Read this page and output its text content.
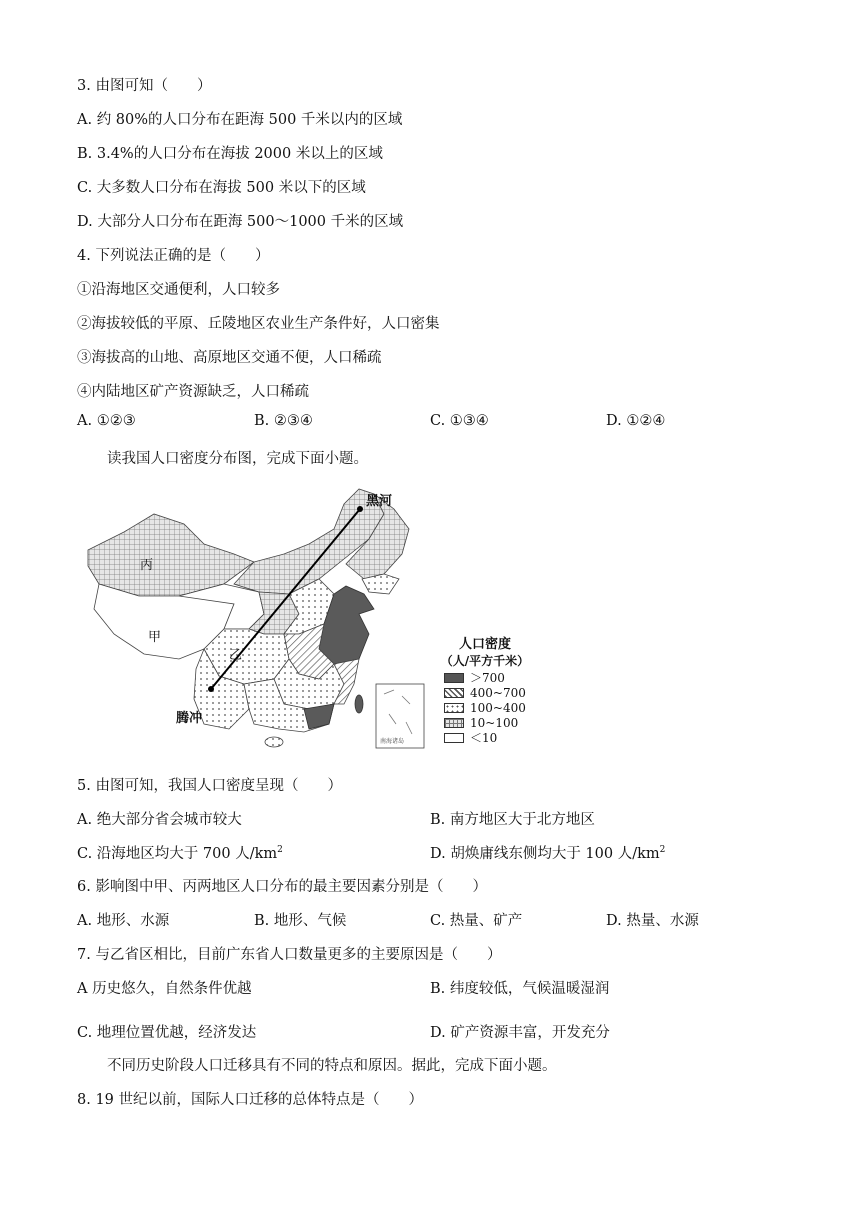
3. 由图可知（　　）
A. 约 80%的人口分布在距海 500 千米以内的区域
B. 3.4%的人口分布在海拔 2000 米以上的区域
C. 大多数人口分布在海拔 500 米以下的区域
D. 大部分人口分布在距海 500～1000 千米的区域
4. 下列说法正确的是（　　）
①沿海地区交通便利，人口较多
②海拔较低的平原、丘陵地区农业生产条件好，人口密集
③海拔高的山地、高原地区交通不便，人口稀疏
④内陆地区矿产资源缺乏，人口稀疏
A. ①②③	B. ②③④	C. ①③④	D. ①②④
读我国人口密度分布图，完成下面小题。
黑河
腾冲
丙
甲
乙
南海诸岛
人口密度
（人/平方千米）
＞700
400~700
100~400
10~100
＜10
5. 由图可知，我国人口密度呈现（　　）
A. 绝大部分省会城市较大	B. 南方地区大于北方地区
C. 沿海地区均大于 700 人$/km^2$	D. 胡焕庸线东侧均大于 100 人$/km^2$
6. 影响图中甲、丙两地区人口分布的最主要因素分别是（　　）
A. 地形、水源	B. 地形、气候	C. 热量、矿产	D. 热量、水源
7. 与乙省区相比，目前广东省人口数量更多的主要原因是（　　）
A 历史悠久，自然条件优越	B. 纬度较低，气候温暖湿润
C. 地理位置优越，经济发达	D. 矿产资源丰富，开发充分
不同历史阶段人口迁移具有不同的特点和原因。据此，完成下面小题。
8. 19 世纪以前，国际人口迁移的总体特点是（　　）
